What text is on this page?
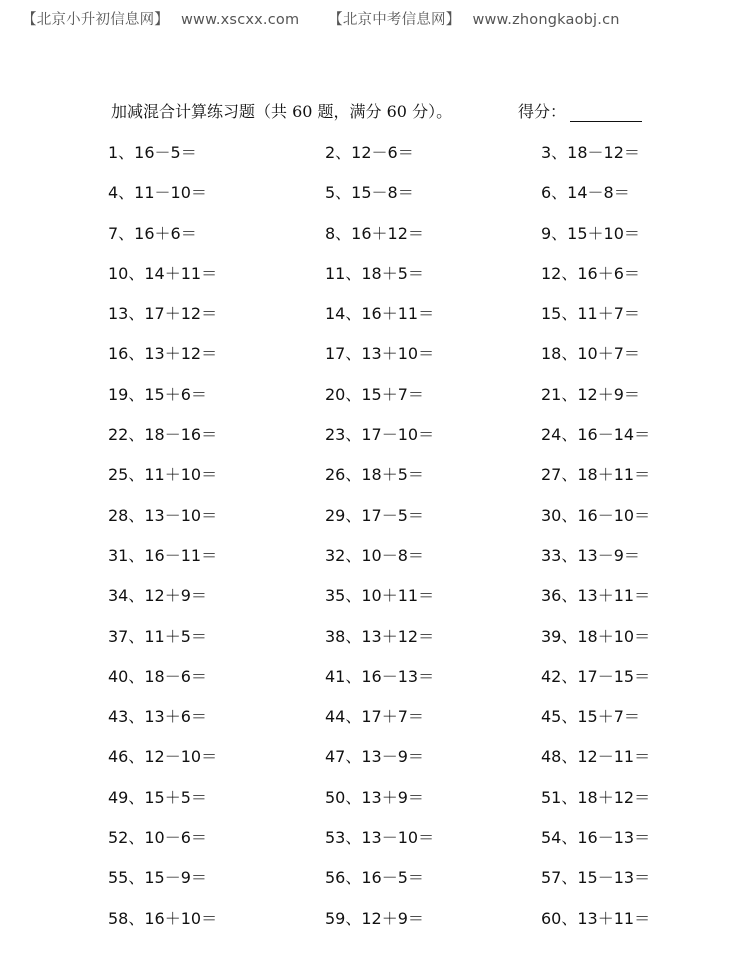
【北京小升初信息网】 www.xscxx.com 【北京中考信息网】 www.zhongkaobj.cn
加减混合计算练习题（共 60 题，满分 60 分）。	得分：
1、16－5＝	2、12－6＝	3、18－12＝
4、11－10＝	5、15－8＝	6、14－8＝
7、16＋6＝	8、16＋12＝	9、15＋10＝
10、14＋11＝	11、18＋5＝	12、16＋6＝
13、17＋12＝	14、16＋11＝	15、11＋7＝
16、13＋12＝	17、13＋10＝	18、10＋7＝
19、15＋6＝	20、15＋7＝	21、12＋9＝
22、18－16＝	23、17－10＝	24、16－14＝
25、11＋10＝	26、18＋5＝	27、18＋11＝
28、13－10＝	29、17－5＝	30、16－10＝
31、16－11＝	32、10－8＝	33、13－9＝
34、12＋9＝	35、10＋11＝	36、13＋11＝
37、11＋5＝	38、13＋12＝	39、18＋10＝
40、18－6＝	41、16－13＝	42、17－15＝
43、13＋6＝	44、17＋7＝	45、15＋7＝
46、12－10＝	47、13－9＝	48、12－11＝
49、15＋5＝	50、13＋9＝	51、18＋12＝
52、10－6＝	53、13－10＝	54、16－13＝
55、15－9＝	56、16－5＝	57、15－13＝
58、16＋10＝	59、12＋9＝	60、13＋11＝
